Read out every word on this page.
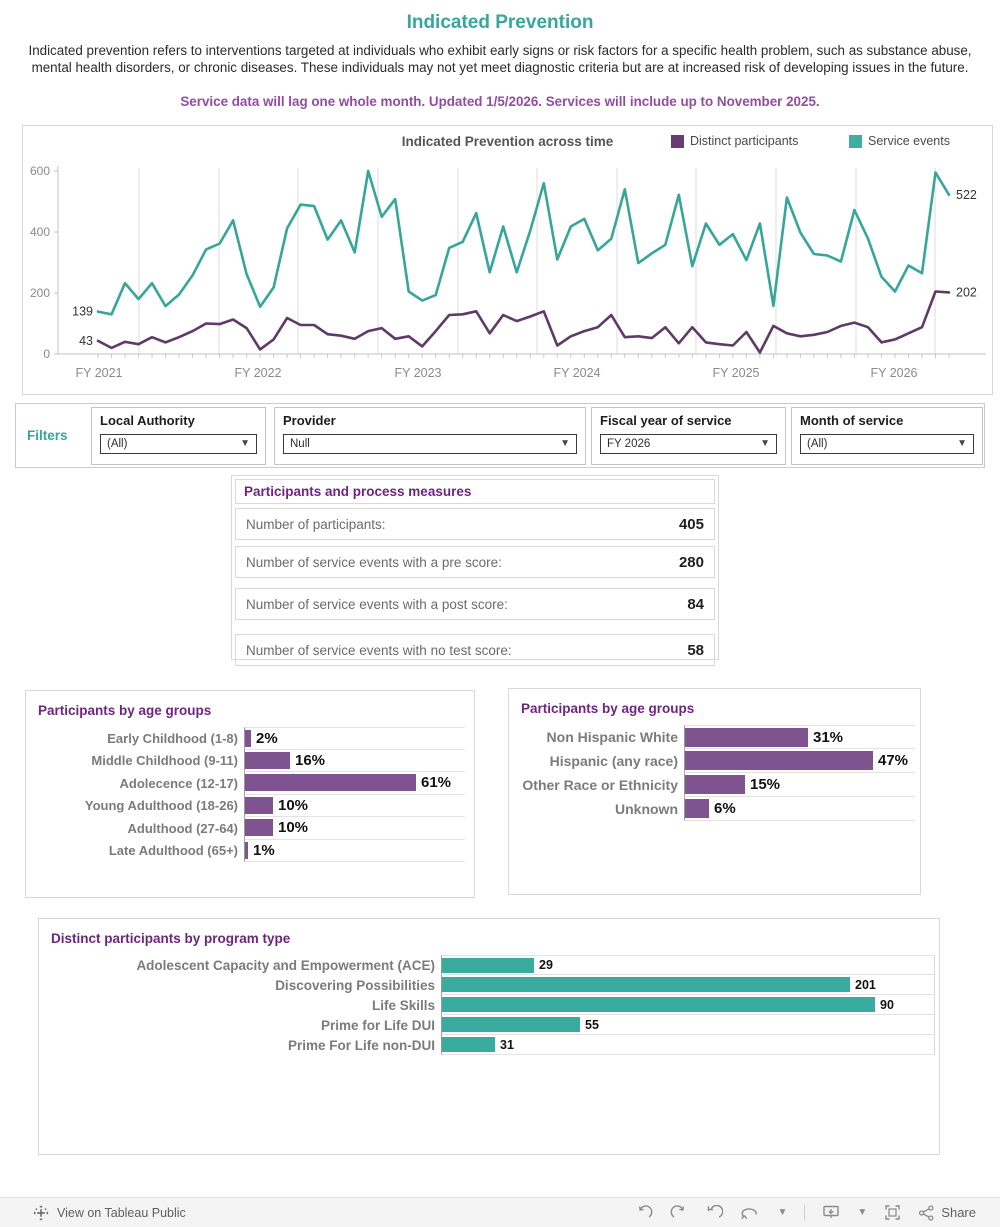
Indicated Prevention
Indicated prevention refers to interventions targeted at individuals who exhibit early signs or risk factors for a specific health problem, such as substance abuse, mental health disorders, or chronic diseases. These individuals may not yet meet diagnostic criteria but are at increased risk of developing issues in the future.
Service data will lag one whole month. Updated 1/5/2026. Services will include up to November 2025.
Indicated Prevention across time	Distinct participants	Service events
0
200
400
600
FY 2021	FY 2022	FY 2023	FY 2024	FY 2025	FY 2026
43
202
139
522
Filters
Local Authority
(All)	▼
Provider
Null	▼
Fiscal year of service
FY 2026	▼
Month of service
(All)	▼
Participants and process measures
Number of participants:	405
Number of service events with a pre score:	280
Number of service events with a post score:	84
Number of service events with no test score:	58
Participants by age groups
Early Childhood (1-8)	2%
Middle Childhood (9-11)	16%
Adolecence (12-17)	61%
Young Adulthood (18-26)	10%
Adulthood (27-64)	10%
Late Adulthood (65+)	1%
Participants by age groups
Non Hispanic White	31%
Hispanic (any race)	47%
Other Race or Ethnicity	15%
Unknown	6%
Distinct participants by program type
Adolescent Capacity and Empowerment (ACE)	29
Discovering Possibilities	201
Life Skills	90
Prime for Life DUI	55
Prime For Life non-DUI	31
View on Tableau Public	▼	▼	Share
